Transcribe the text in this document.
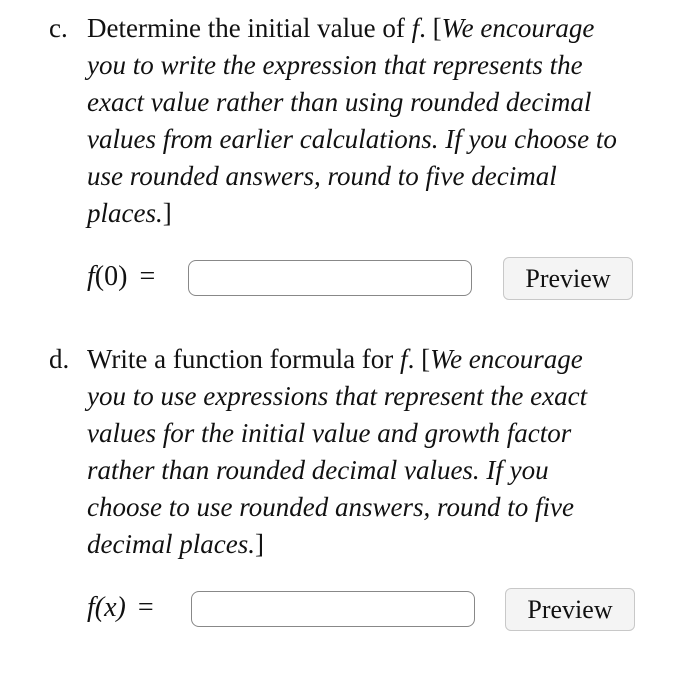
c. Determine the initial value of f. [We encourage
you to write the expression that represents the
exact value rather than using rounded decimal
values from earlier calculations. If you choose to
use rounded answers, round to five decimal
places.]
f(0) =	Preview
d. Write a function formula for f. [We encourage
you to use expressions that represent the exact
values for the initial value and growth factor
rather than rounded decimal values. If you
choose to use rounded answers, round to five
decimal places.]
f(x) =	Preview
